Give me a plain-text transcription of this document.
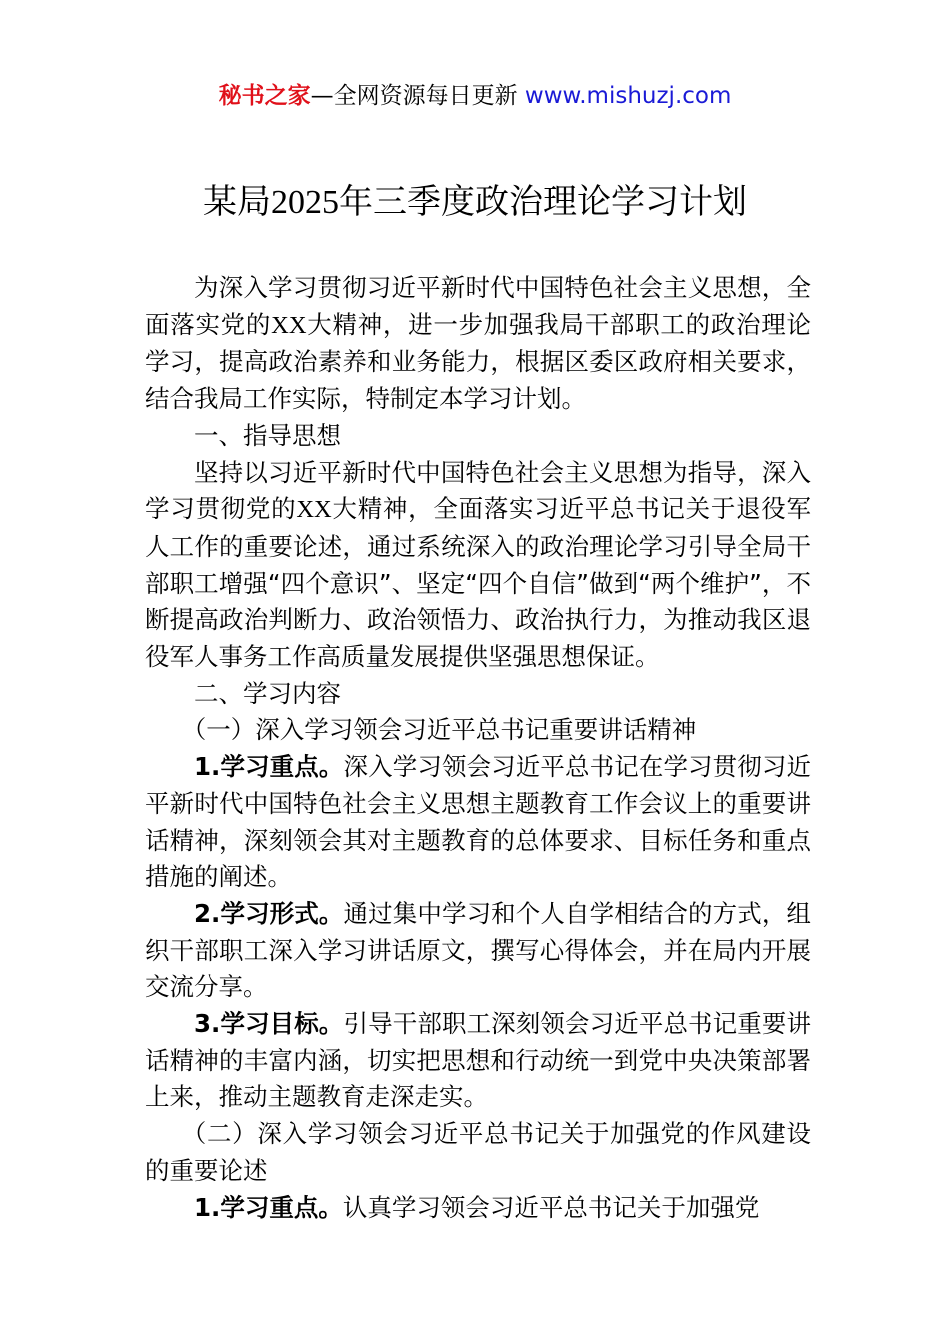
秘书之家—全网资源每日更新 www.mishuzj.com
某局2025年三季度政治理论学习计划

为深入学习贯彻习近平新时代中国特色社会主义思想，全面落实党的XX大精神，进一步加强我局干部职工的政治理论学习，提高政治素养和业务能力，根据区委区政府相关要求，结合我局工作实际，特制定本学习计划。

一、指导思想

坚持以习近平新时代中国特色社会主义思想为指导，深入学习贯彻党的XX大精神，全面落实习近平总书记关于退役军人工作的重要论述，通过系统深入的政治理论学习引导全局干部职工增强“四个意识”、坚定“四个自信”做到“两个维护”，不断提高政治判断力、政治领悟力、政治执行力，为推动我区退役军人事务工作高质量发展提供坚强思想保证。

二、学习内容

（一）深入学习领会习近平总书记重要讲话精神

1.学习重点。深入学习领会习近平总书记在学习贯彻习近平新时代中国特色社会主义思想主题教育工作会议上的重要讲话精神，深刻领会其对主题教育的总体要求、目标任务和重点措施的阐述。

2.学习形式。通过集中学习和个人自学相结合的方式，组织干部职工深入学习讲话原文，撰写心得体会，并在局内开展交流分享。

3.学习目标。引导干部职工深刻领会习近平总书记重要讲话精神的丰富内涵，切实把思想和行动统一到党中央决策部署上来，推动主题教育走深走实。

（二）深入学习领会习近平总书记关于加强党的作风建设的重要论述

1.学习重点。认真学习领会习近平总书记关于加强党
